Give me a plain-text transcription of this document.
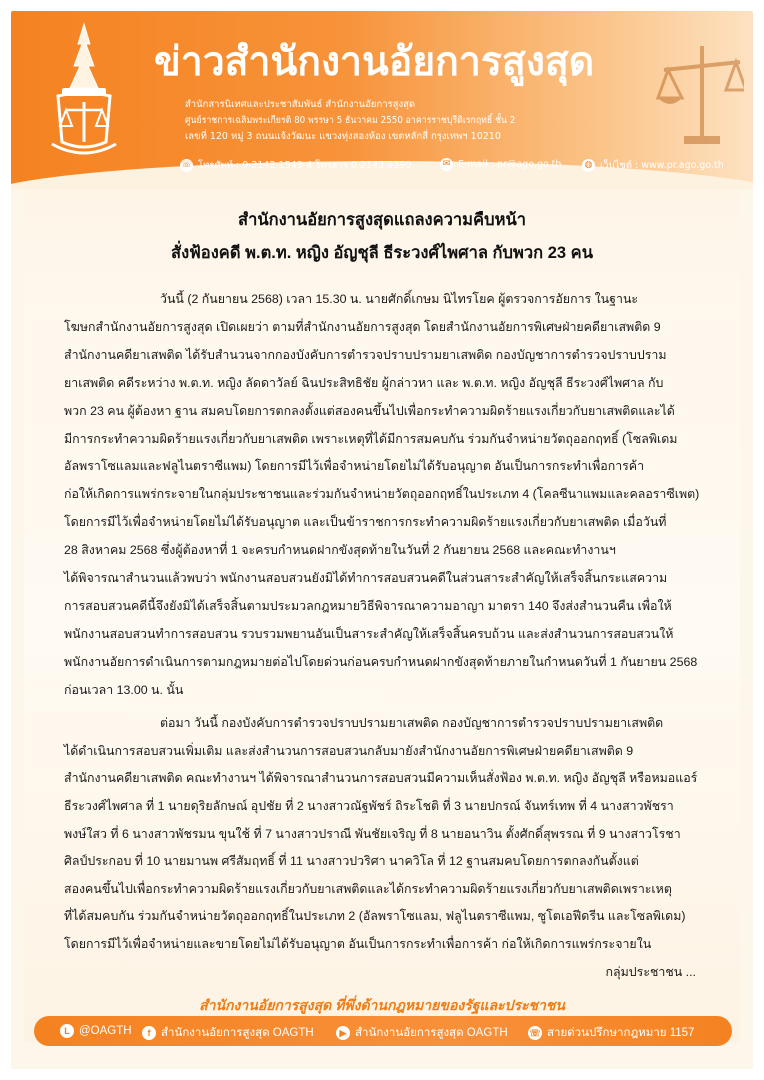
ข่าวสำนักงานอัยการสูงสุด
สำนักสารนิเทศและประชาสัมพันธ์ สำนักงานอัยการสูงสุด
ศูนย์ราชการเฉลิมพระเกียรติ 80 พรรษา 5 ธันวาคม 2550 อาคารราชบุรีดิเรกฤทธิ์ ชั้น 2
เลขที่ 120 หมู่ 3 ถนนแจ้งวัฒนะ แขวงทุ่งสองห้อง เขตหลักสี่ กรุงเทพฯ 10210
☏ โทรศัพท์ : 0 2142 1543-4 โทรสาร 0 2143 9390	✉ E-mail : pr@ago.go.th	◍ เว็บไซต์ : www.pr.ago.go.th
สำนักงานอัยการสูงสุดแถลงความคืบหน้า
สั่งฟ้องคดี พ.ต.ท. หญิง อัญชุลี ธีระวงศ์ไพศาล กับพวก 23 คน
วันนี้ (2 กันยายน 2568) เวลา 15.30 น. นายศักดิ์เกษม นิไทรโยค ผู้ตรวจการอัยการ ในฐานะ
โฆษกสำนักงานอัยการสูงสุด เปิดเผยว่า ตามที่สำนักงานอัยการสูงสุด โดยสำนักงานอัยการพิเศษฝ่ายคดียาเสพติด 9
สำนักงานคดียาเสพติด ได้รับสำนวนจากกองบังคับการตำรวจปราบปรามยาเสพติด กองบัญชาการตำรวจปราบปราม
ยาเสพติด คดีระหว่าง พ.ต.ท. หญิง ลัดดาวัลย์ ฉินประสิทธิชัย ผู้กล่าวหา และ พ.ต.ท. หญิง อัญชุลี ธีระวงศ์ไพศาล กับ
พวก 23 คน ผู้ต้องหา ฐาน สมคบโดยการตกลงตั้งแต่สองคนขึ้นไปเพื่อกระทำความผิดร้ายแรงเกี่ยวกับยาเสพติดและได้
มีการกระทำความผิดร้ายแรงเกี่ยวกับยาเสพติด เพราะเหตุที่ได้มีการสมคบกัน ร่วมกันจำหน่ายวัตถุออกฤทธิ์ (โซลพิเดม
อัลพราโซแลมและฟลูไนตราซีแพม) โดยการมีไว้เพื่อจำหน่ายโดยไม่ได้รับอนุญาต อันเป็นการกระทำเพื่อการค้า
ก่อให้เกิดการแพร่กระจายในกลุ่มประชาชนและร่วมกันจำหน่ายวัตถุออกฤทธิ์ในประเภท 4 (โคลซีนาแพมและคลอราซีเพต)
โดยการมีไว้เพื่อจำหน่ายโดยไม่ได้รับอนุญาต และเป็นข้าราชการกระทำความผิดร้ายแรงเกี่ยวกับยาเสพติด เมื่อวันที่
28 สิงหาคม 2568 ซึ่งผู้ต้องหาที่ 1 จะครบกำหนดฝากขังสุดท้ายในวันที่ 2 กันยายน 2568 และคณะทำงานฯ
ได้พิจารณาสำนวนแล้วพบว่า พนักงานสอบสวนยังมิได้ทำการสอบสวนคดีในส่วนสาระสำคัญให้เสร็จสิ้นกระแสความ
การสอบสวนคดีนี้จึงยังมิได้เสร็จสิ้นตามประมวลกฎหมายวิธีพิจารณาความอาญา มาตรา 140 จึงส่งสำนวนคืน เพื่อให้
พนักงานสอบสวนทำการสอบสวน รวบรวมพยานอันเป็นสาระสำคัญให้เสร็จสิ้นครบถ้วน และส่งสำนวนการสอบสวนให้
พนักงานอัยการดำเนินการตามกฎหมายต่อไปโดยด่วนก่อนครบกำหนดฝากขังสุดท้ายภายในกำหนดวันที่ 1 กันยายน 2568
ก่อนเวลา 13.00 น. นั้น
ต่อมา วันนี้ กองบังคับการตำรวจปราบปรามยาเสพติด กองบัญชาการตำรวจปราบปรามยาเสพติด
ได้ดำเนินการสอบสวนเพิ่มเติม และส่งสำนวนการสอบสวนกลับมายังสำนักงานอัยการพิเศษฝ่ายคดียาเสพติด 9
สำนักงานคดียาเสพติด คณะทำงานฯ ได้พิจารณาสำนวนการสอบสวนมีความเห็นสั่งฟ้อง พ.ต.ท. หญิง อัญชุลี หรือหมอแอร์
ธีระวงศ์ไพศาล ที่ 1 นายดุริยลักษณ์ อุปชัย ที่ 2 นางสาวณัฐพัชร์ ถิระโชติ ที่ 3 นายปกรณ์ จันทร์เทพ ที่ 4 นางสาวพัชรา
พงษ์ใสว ที่ 6 นางสาวพัชรมน ขุนใช้ ที่ 7 นางสาวปราณี พันชัยเจริญ ที่ 8 นายอนาวิน ตั้งศักดิ์สุพรรณ ที่ 9 นางสาวโรชา
ศิลป์ประกอบ ที่ 10 นายมานพ ศรีสัมฤทธิ์ ที่ 11 นางสาวปวริศา นาควิโล ที่ 12 ฐานสมคบโดยการตกลงกันตั้งแต่
สองคนขึ้นไปเพื่อกระทำความผิดร้ายแรงเกี่ยวกับยาเสพติดและได้กระทำความผิดร้ายแรงเกี่ยวกับยาเสพติดเพราะเหตุ
ที่ได้สมคบกัน ร่วมกันจำหน่ายวัตถุออกฤทธิ์ในประเภท 2 (อัลพราโซแลม, ฟลูไนตราซีแพม, ซูโตเอฟีดรีน และโซลพิเดม)
โดยการมีไว้เพื่อจำหน่ายและขายโดยไม่ได้รับอนุญาต อันเป็นการกระทำเพื่อการค้า ก่อให้เกิดการแพร่กระจายใน
กลุ่มประชาชน ...
สำนักงานอัยการสูงสุด ที่พึ่งด้านกฎหมายของรัฐและประชาชน
L @OAGTH	f สำนักงานอัยการสูงสุด OAGTH	▶ สำนักงานอัยการสูงสุด OAGTH ☏ สายด่วนปรึกษากฎหมาย 1157
